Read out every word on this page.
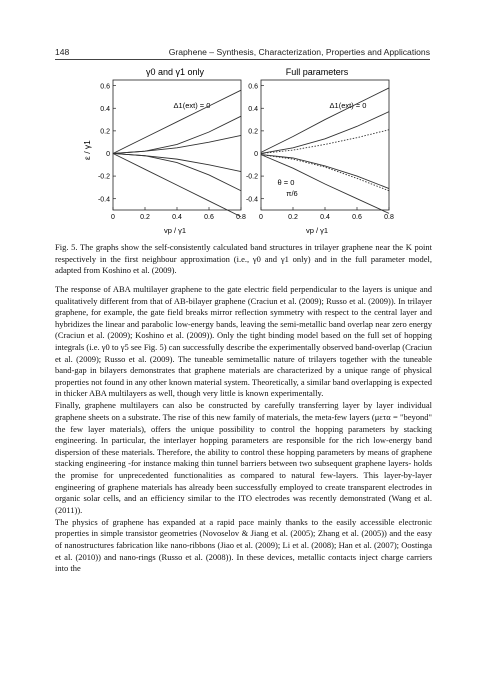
148	Graphene – Synthesis, Characterization, Properties and Applications
γ0 and γ1 only
ε / γ1
Δ1(ext) = 0
vp / γ1
0.6
0.4
0.2
0
-0.2
-0.4
0	0.2	0.4	0.6	0.8
Full parameters
Δ1(ext) = 0
θ = 0
π/6
vp / γ1
0.6
0.4
0.2
0
-0.2
-0.4
0	0.2	0.4	0.6	0.8

Fig. 5. The graphs show the self-consistently calculated band structures in trilayer graphene near the K point respectively in the first neighbour approximation (i.e., γ0 and γ1 only) and in the full parameter model, adapted from Koshino et al. (2009).

The response of ABA multilayer graphene to the gate electric field perpendicular to the layers is unique and qualitatively different from that of AB-bilayer graphene (Craciun et al. (2009); Russo et al. (2009)). In trilayer graphene, for example, the gate field breaks mirror reflection symmetry with respect to the central layer and hybridizes the linear and parabolic low-energy bands, leaving the semi-metallic band overlap near zero energy (Craciun et al. (2009); Koshino et al. (2009)). Only the tight binding model based on the full set of hopping integrals (i.e. γ0 to γ5 see Fig. 5) can successfully describe the experimentally observed band-overlap (Craciun et al. (2009); Russo et al. (2009). The tuneable semimetallic nature of trilayers together with the tuneable band-gap in bilayers demonstrates that graphene materials are characterized by a unique range of physical properties not found in any other known material system. Theoretically, a similar band overlapping is expected in thicker ABA multilayers as well, though very little is known experimentally.

Finally, graphene multilayers can also be constructed by carefully transferring layer by layer individual graphene sheets on a substrate. The rise of this new family of materials, the meta-few layers (μετα = "beyond" the few layer materials), offers the unique possibility to control the hopping parameters by stacking engineering. In particular, the interlayer hopping parameters are responsible for the rich low-energy band dispersion of these materials. Therefore, the ability to control these hopping parameters by means of graphene stacking engineering -for instance making thin tunnel barriers between two subsequent graphene layers- holds the promise for unprecedented functionalities as compared to natural few-layers. This layer-by-layer engineering of graphene materials has already been successfully employed to create transparent electrodes in organic solar cells, and an efficiency similar to the ITO electrodes was recently demonstrated (Wang et al. (2011)).

The physics of graphene has expanded at a rapid pace mainly thanks to the easily accessible electronic properties in simple transistor geometries (Novoselov & Jiang et al. (2005); Zhang et al. (2005)) and the easy of nanostructures fabrication like nano-ribbons (Jiao et al. (2009); Li et al. (2008); Han et al. (2007); Oostinga et al. (2010)) and nano-rings (Russo et al. (2008)). In these devices, metallic contacts inject charge carriers into the
